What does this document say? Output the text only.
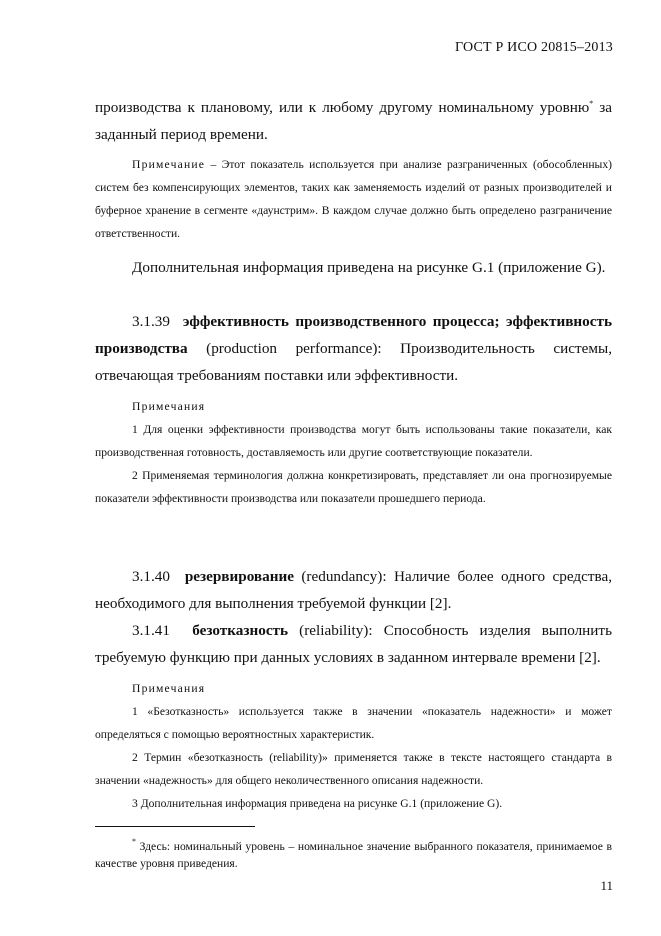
ГОСТ Р ИСО 20815–2013

производства к плановому, или к любому другому номинальному уровню* за заданный период времени.

Примечание – Этот показатель используется при анализе разграниченных (обособленных) систем без компенсирующих элементов, таких как заменяемость изделий от разных производителей и буферное хранение в сегменте «даунстрим». В каждом случае должно быть определено разграничение ответственности.
Дополнительная информация приведена на рисунке G.1 (приложение G).
3.1.39 эффективность производственного процесса; эффективность производства (production performance): Производительность системы, отвечающая требованиям поставки или эффективности.
Примечания
1 Для оценки эффективности производства могут быть использованы такие показатели, как производственная готовность, доставляемость или другие соответствующие показатели.
2 Применяемая терминология должна конкретизировать, представляет ли она прогнозируемые показатели эффективности производства или показатели прошедшего периода.
3.1.40 резервирование (redundancy): Наличие более одного средства, необходимого для выполнения требуемой функции [2].
3.1.41 безотказность (reliability): Способность изделия выполнить требуемую функцию при данных условиях в заданном интервале времени [2].
Примечания
1 «Безотказность» используется также в значении «показатель надежности» и может определяться с помощью вероятностных характеристик.
2 Термин «безотказность (reliability)» применяется также в тексте настоящего стандарта в значении «надежность» для общего неколичественного описания надежности.
3 Дополнительная информация приведена на рисунке G.1 (приложение G).
* Здесь: номинальный уровень – номинальное значение выбранного показателя, принимаемое в качестве уровня приведения.
11
